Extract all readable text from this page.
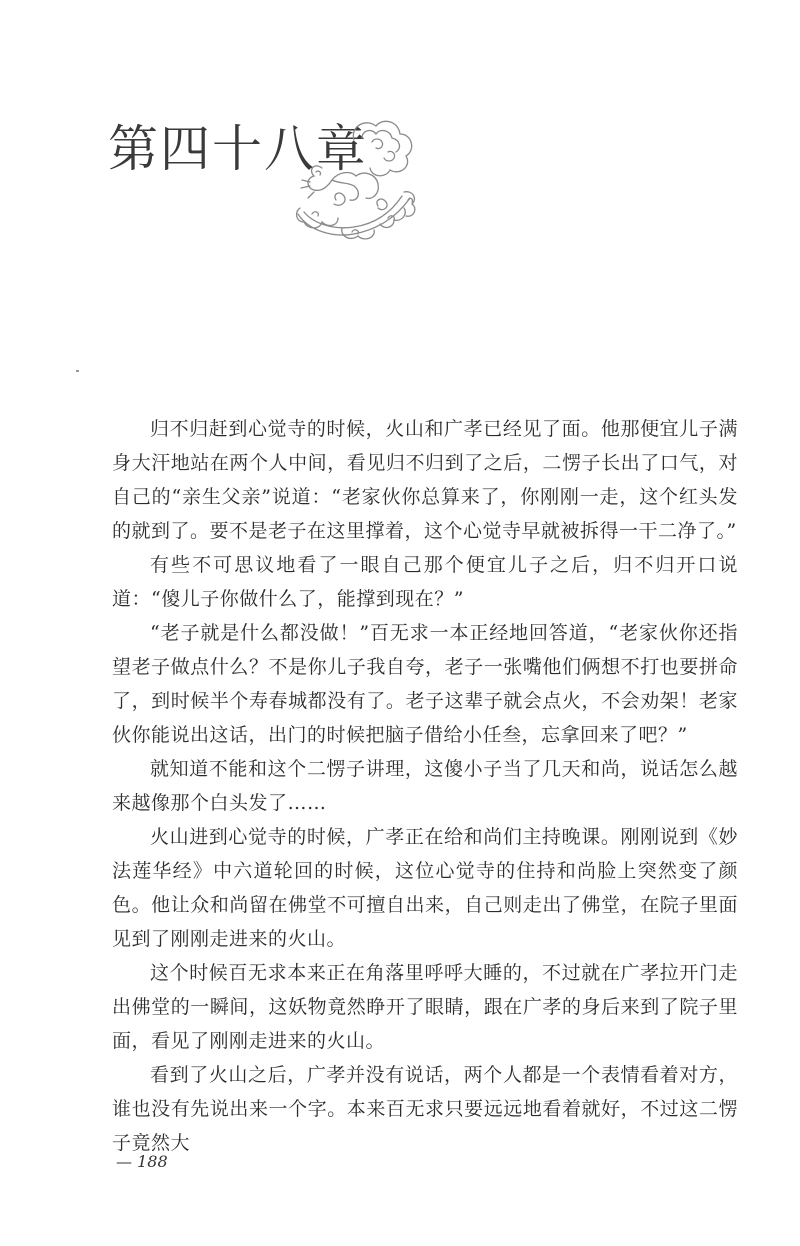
第四十八章

归不归赶到心觉寺的时候，火山和广孝已经见了面。他那便宜儿子满身大汗地站在两个人中间，看见归不归到了之后，二愣子长出了口气，对自己的“亲生父亲”说道：“老家伙你总算来了，你刚刚一走，这个红头发的就到了。要不是老子在这里撑着，这个心觉寺早就被拆得一干二净了。”

有些不可思议地看了一眼自己那个便宜儿子之后，归不归开口说道：“傻儿子你做什么了，能撑到现在？”

“老子就是什么都没做！”百无求一本正经地回答道，“老家伙你还指望老子做点什么？不是你儿子我自夸，老子一张嘴他们俩想不打也要拼命了，到时候半个寿春城都没有了。老子这辈子就会点火，不会劝架！老家伙你能说出这话，出门的时候把脑子借给小任叁，忘拿回来了吧？”

就知道不能和这个二愣子讲理，这傻小子当了几天和尚，说话怎么越来越像那个白头发了……

火山进到心觉寺的时候，广孝正在给和尚们主持晚课。刚刚说到《妙法莲华经》中六道轮回的时候，这位心觉寺的住持和尚脸上突然变了颜色。他让众和尚留在佛堂不可擅自出来，自己则走出了佛堂，在院子里面见到了刚刚走进来的火山。

这个时候百无求本来正在角落里呼呼大睡的，不过就在广孝拉开门走出佛堂的一瞬间，这妖物竟然睁开了眼睛，跟在广孝的身后来到了院子里面，看见了刚刚走进来的火山。

看到了火山之后，广孝并没有说话，两个人都是一个表情看着对方，谁也没有先说出来一个字。本来百无求只要远远地看着就好，不过这二愣子竟然大

— 188
